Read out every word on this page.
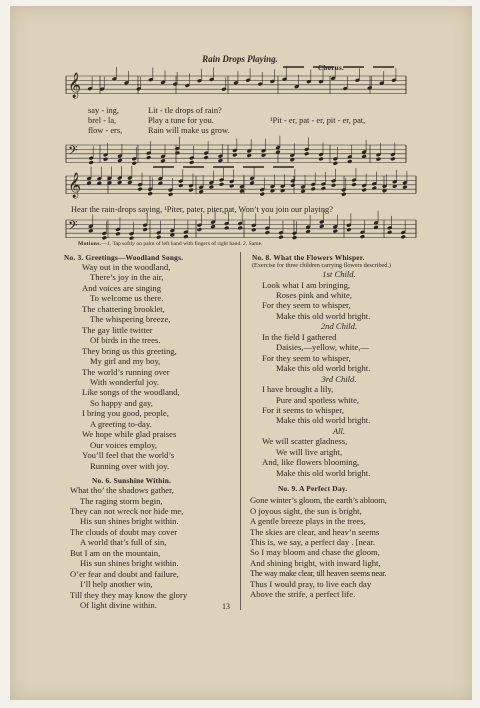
Rain Drops Playing.
Chorus.
𝄞
𝄢
𝄞
𝄢
say - ing,	Lit - tle drops of rain?
brel - la,	Play a tune for you.
flow - ers,	Rain will make us grow.
¹Pit - er, pat - er, pit - er, pat,
Hear the rain-drops saying, ¹Piter, pater, piter,pat, Won’t you join our playing?
Motions.—1. Tap softly on palm of left hand with fingers of right hand. 2. Same.
No. 3. Greetings—Woodland Songs.
Way out in the woodland,
There’s joy in the air,
And voices are singing
To welcome us there.
The chattering brooklet,
The whispering breeze,
The gay little twitter
Of birds in the trees.
They bring us this greeting,
My girl and my boy,
The world’s running over
With wonderful joy.
Like songs of the woodland,
So happy and gay,
I bring you good, people,
A greeting to-day.
We hope while glad praises
Our voices employ,
You’ll feel that the world’s
Running over with joy.
No. 6. Sunshine Within.
What tho’ the shadows gather,
The raging storm begin,
They can not wreck nor hide me,
His sun shines bright within.
The clouds of doubt may cover
A world that’s full of sin,
But I am on the mountain,
His sun shines bright within.
O’er fear and doubt and failure,
I’ll help another win,
Till they they may know the glory
Of light divine within.	13
No. 8. What the Flowers Whisper.
(Exercise for three children carrying flowers described.)
1st Child.
Look what I am bringing,
Roses pink and white,
For they seem to whisper,
Make this old world bright.
2nd Child.
In the field I gathered
Daisies,—yellow, white,—
For they seem to whisper,
Make this old world bright.
3rd Child.
I have brought a lily,
Pure and spotless white,
For it seems to whisper,
Make this old world bright.
All.
We will scatter gladness,
We will live aright,
And, like flowers blooming,
Make this old world bright.
No. 9. A Perfect Day.
Gone winter’s gloom, the earth’s abloom,
O joyous sight, the sun is bright,
A gentle breeze plays in the trees,
The skies are clear, and heav’n seems
This is, we say, a perfect day . [near.
So I may bloom and chase the gloom,
And shining bright, with inward light,
The way make clear, till heaven seems near.
Thus I would pray, to live each day
Above the strife, a perfect life.
